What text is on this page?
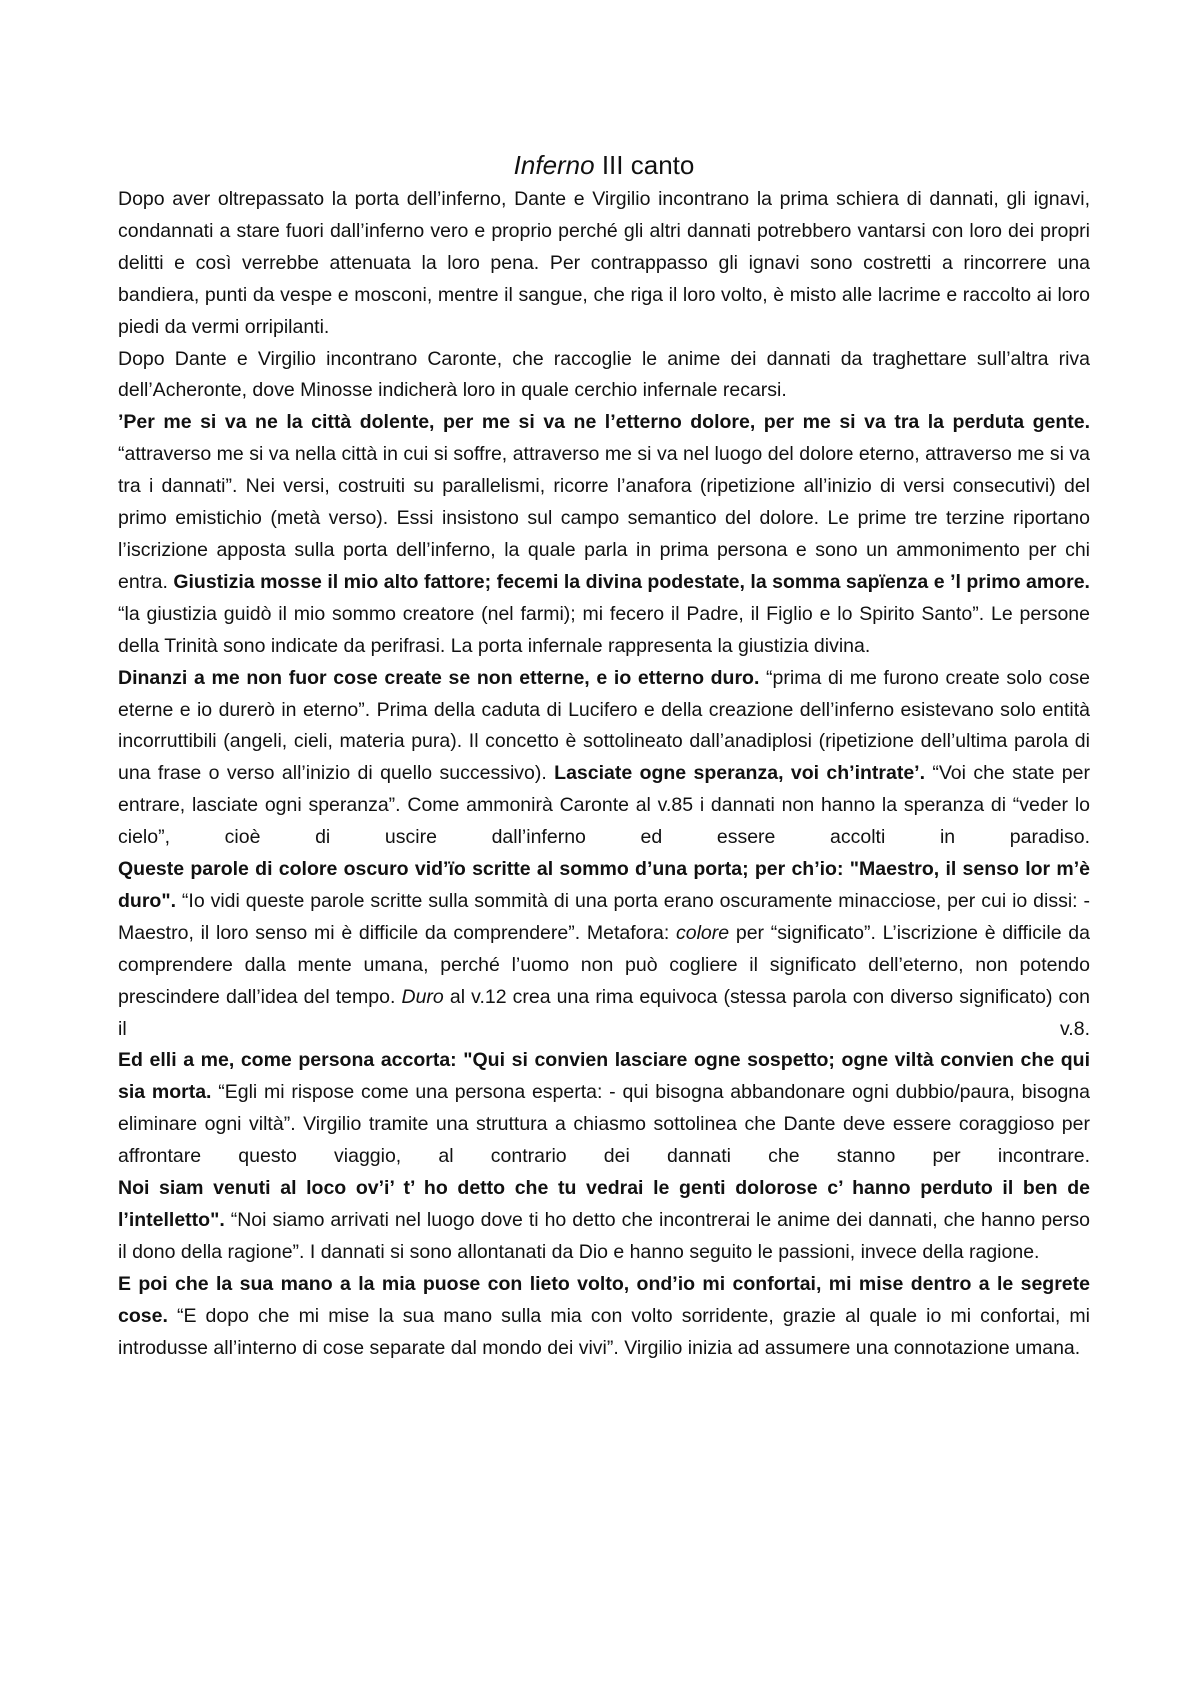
Inferno III canto

Dopo aver oltrepassato la porta dell’inferno, Dante e Virgilio incontrano la prima schiera di dannati, gli ignavi, condannati a stare fuori dall’inferno vero e proprio perché gli altri dannati potrebbero vantarsi con loro dei propri delitti e così verrebbe attenuata la loro pena. Per contrappasso gli ignavi sono costretti a rincorrere una bandiera, punti da vespe e mosconi, mentre il sangue, che riga il loro volto, è misto alle lacrime e raccolto ai loro piedi da vermi orripilanti.

Dopo Dante e Virgilio incontrano Caronte, che raccoglie le anime dei dannati da traghettare sull’altra riva dell’Acheronte, dove Minosse indicherà loro in quale cerchio infernale recarsi.

’Per me si va ne la città dolente, per me si va ne l’etterno dolore, per me si va tra la perduta gente. “attraverso me si va nella città in cui si soffre, attraverso me si va nel luogo del dolore eterno, attraverso me si va tra i dannati”. Nei versi, costruiti su parallelismi, ricorre l’anafora (ripetizione all’inizio di versi consecutivi) del primo emistichio (metà verso). Essi insistono sul campo semantico del dolore. Le prime tre terzine riportano l’iscrizione apposta sulla porta dell’inferno, la quale parla in prima persona e sono un ammonimento per chi entra. Giustizia mosse il mio alto fattore; fecemi la divina podestate, la somma sapïenza e ’l primo amore. “la giustizia guidò il mio sommo creatore (nel farmi); mi fecero il Padre, il Figlio e lo Spirito Santo”. Le persone della Trinità sono indicate da perifrasi. La porta infernale rappresenta la giustizia divina.

Dinanzi a me non fuor cose create se non etterne, e io etterno duro. “prima di me furono create solo cose eterne e io durerò in eterno”. Prima della caduta di Lucifero e della creazione dell’inferno esistevano solo entità incorruttibili (angeli, cieli, materia pura). Il concetto è sottolineato dall’anadiplosi (ripetizione dell’ultima parola di una frase o verso all’inizio di quello successivo). Lasciate ogne speranza, voi ch’intrate’. “Voi che state per entrare, lasciate ogni speranza”. Come ammonirà Caronte al v.85 i dannati non hanno la speranza di “veder lo cielo”, cioè di uscire dall’inferno ed essere accolti in paradiso.

Queste parole di colore oscuro vid’ïo scritte al sommo d’una porta; per ch’io: "Maestro, il senso lor m’è duro". “Io vidi queste parole scritte sulla sommità di una porta erano oscuramente minacciose, per cui io dissi: -Maestro, il loro senso mi è difficile da comprendere”. Metafora: colore per “significato”. L’iscrizione è difficile da comprendere dalla mente umana, perché l’uomo non può cogliere il significato dell’eterno, non potendo prescindere dall’idea del tempo. Duro al v.12 crea una rima equivoca (stessa parola con diverso significato) con il v.8.

Ed elli a me, come persona accorta: "Qui si convien lasciare ogne sospetto; ogne viltà convien che qui sia morta. “Egli mi rispose come una persona esperta: - qui bisogna abbandonare ogni dubbio/paura, bisogna eliminare ogni viltà”. Virgilio tramite una struttura a chiasmo sottolinea che Dante deve essere coraggioso per affrontare questo viaggio, al contrario dei dannati che stanno per incontrare.

Noi siam venuti al loco ov’i’ t’ ho detto che tu vedrai le genti dolorose c’ hanno perduto il ben de l’intelletto". “Noi siamo arrivati nel luogo dove ti ho detto che incontrerai le anime dei dannati, che hanno perso il dono della ragione”. I dannati si sono allontanati da Dio e hanno seguito le passioni, invece della ragione.

E poi che la sua mano a la mia puose con lieto volto, ond’io mi confortai, mi mise dentro a le segrete cose. “E dopo che mi mise la sua mano sulla mia con volto sorridente, grazie al quale io mi confortai, mi introdusse all’interno di cose separate dal mondo dei vivi”. Virgilio inizia ad assumere una connotazione umana.
